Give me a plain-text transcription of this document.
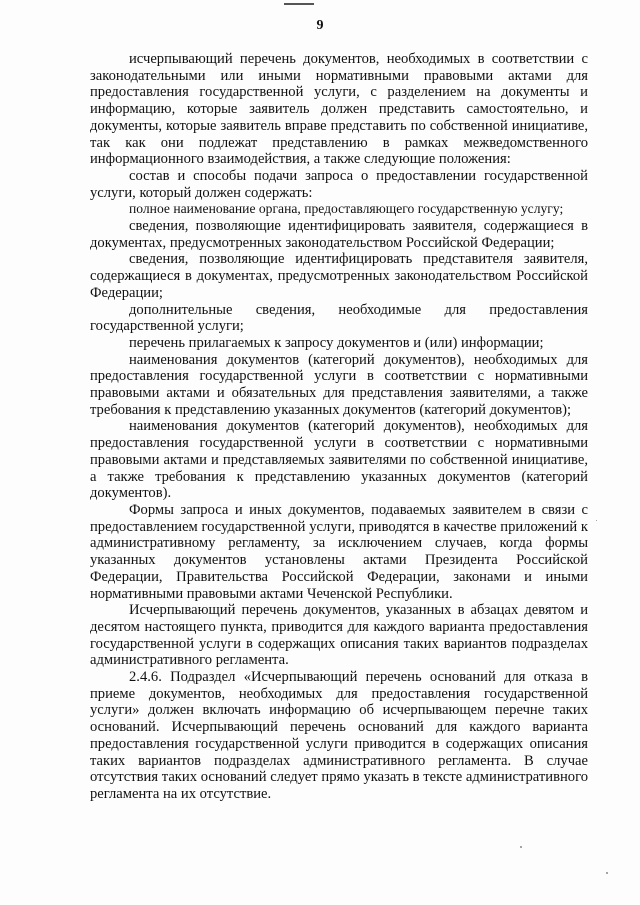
9

исчерпывающий перечень документов, необходимых в соответствии с законодательными или иными нормативными правовыми актами для предоставления государственной услуги, с разделением на документы и информацию, которые заявитель должен представить самостоятельно, и документы, которые заявитель вправе представить по собственной инициативе, так как они подлежат представлению в рамках межведомственного информационного взаимодействия, а также следующие положения:

состав и способы подачи запроса о предоставлении государственной услуги, который должен содержать:

полное наименование органа, предоставляющего государственную услугу;

сведения, позволяющие идентифицировать заявителя, содержащиеся в документах, предусмотренных законодательством Российской Федерации;

сведения, позволяющие идентифицировать представителя заявителя, содержащиеся в документах, предусмотренных законодательством Российской Федерации;

дополнительные сведения, необходимые для предоставления государственной услуги;

перечень прилагаемых к запросу документов и (или) информации;

наименования документов (категорий документов), необходимых для предоставления государственной услуги в соответствии с нормативными правовыми актами и обязательных для представления заявителями, а также требования к представлению указанных документов (категорий документов);

наименования документов (категорий документов), необходимых для предоставления государственной услуги в соответствии с нормативными правовыми актами и представляемых заявителями по собственной инициативе, а также требования к представлению указанных документов (категорий документов).

Формы запроса и иных документов, подаваемых заявителем в связи с предоставлением государственной услуги, приводятся в качестве приложений к административному регламенту, за исключением случаев, когда формы указанных документов установлены актами Президента Российской Федерации, Правительства Российской Федерации, законами и иными нормативными правовыми актами Чеченской Республики.

Исчерпывающий перечень документов, указанных в абзацах девятом и десятом настоящего пункта, приводится для каждого варианта предоставления государственной услуги в содержащих описания таких вариантов подразделах административного регламента.

2.4.6. Подраздел «Исчерпывающий перечень оснований для отказа в приеме документов, необходимых для предоставления государственной услуги» должен включать информацию об исчерпывающем перечне таких оснований. Исчерпывающий перечень оснований для каждого варианта предоставления государственной услуги приводится в содержащих описания таких вариантов подразделах административного регламента. В случае отсутствия таких оснований следует прямо указать в тексте административного регламента на их отсутствие.
